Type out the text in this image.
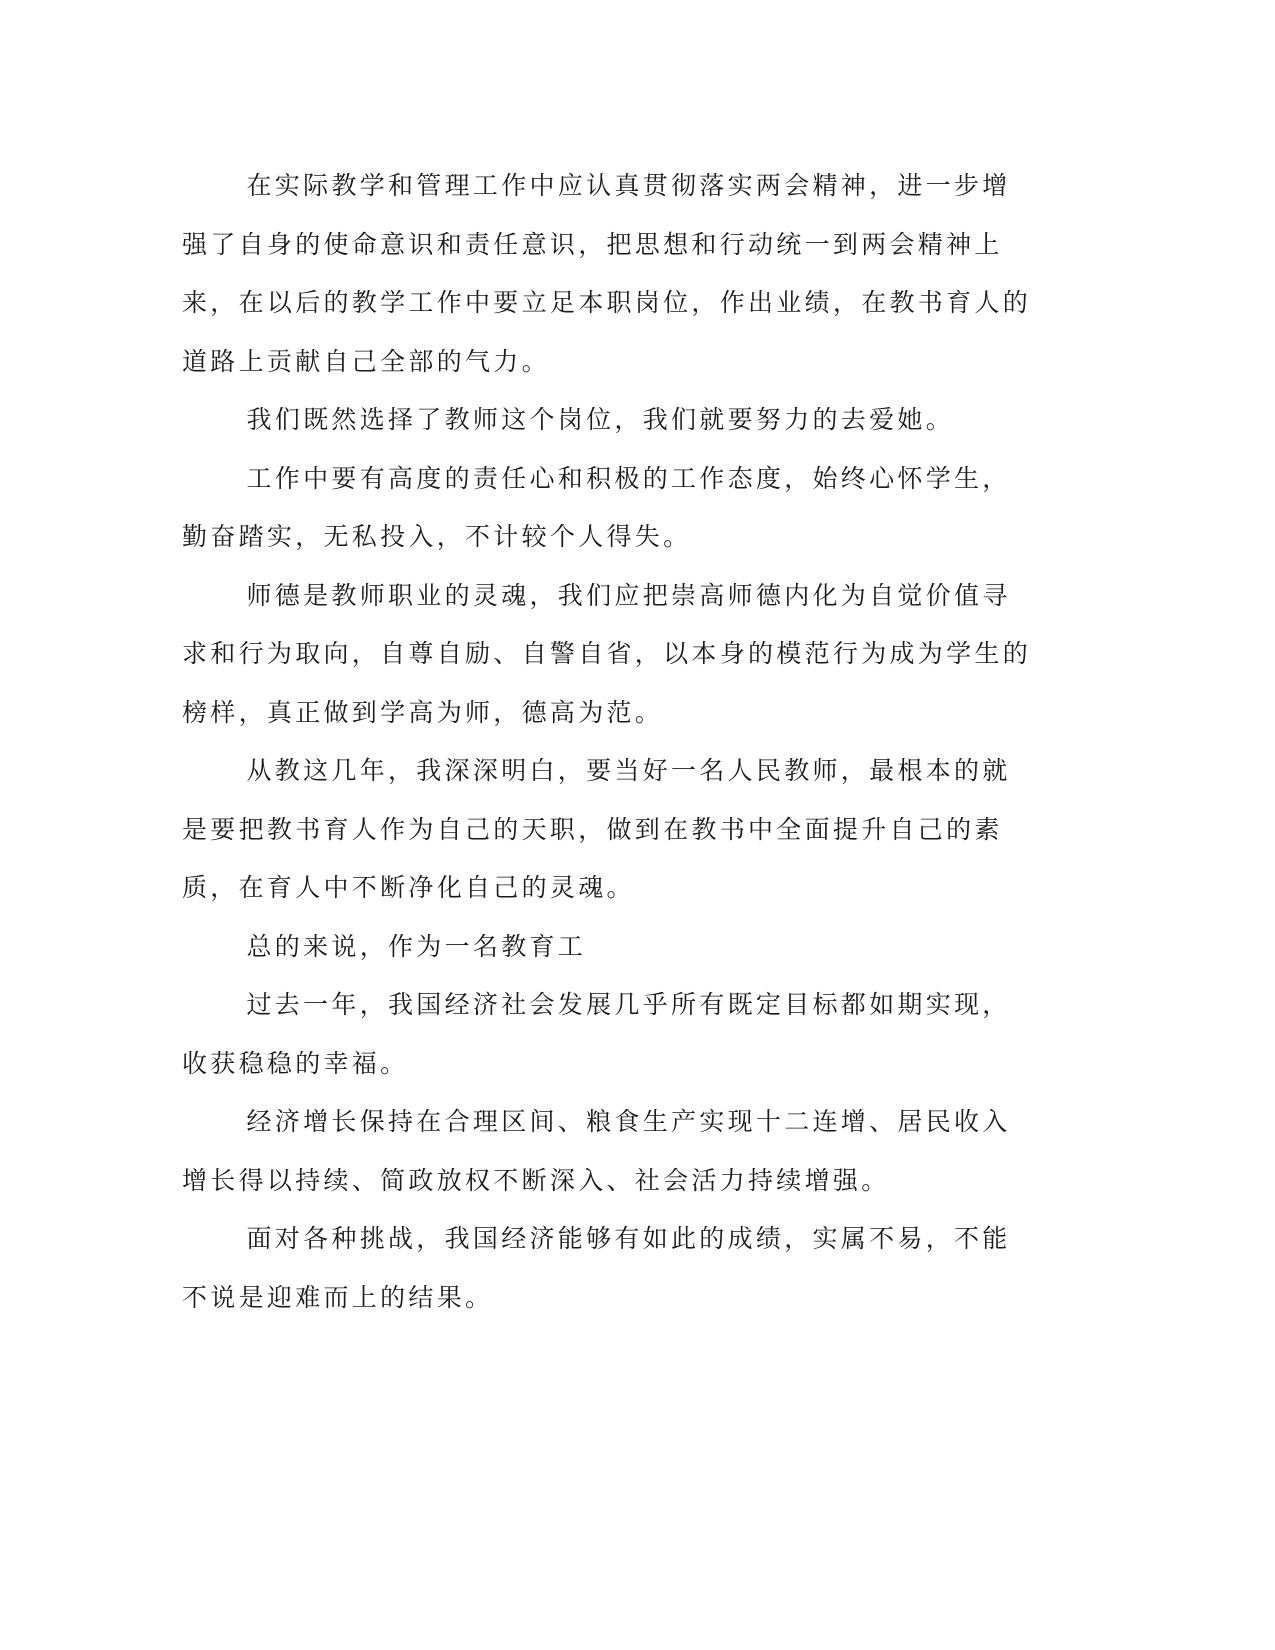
在实际教学和管理工作中应认真贯彻落实两会精神，进一步增强了自身的使命意识和责任意识，把思想和行动统一到两会精神上来，在以后的教学工作中要立足本职岗位，作出业绩，在教书育人的道路上贡献自己全部的气力。

我们既然选择了教师这个岗位，我们就要努力的去爱她。

工作中要有高度的责任心和积极的工作态度，始终心怀学生，勤奋踏实，无私投入，不计较个人得失。

师德是教师职业的灵魂，我们应把崇高师德内化为自觉价值寻求和行为取向，自尊自励、自警自省，以本身的模范行为成为学生的榜样，真正做到学高为师，德高为范。

从教这几年，我深深明白，要当好一名人民教师，最根本的就是要把教书育人作为自己的天职，做到在教书中全面提升自己的素质，在育人中不断净化自己的灵魂。

总的来说，作为一名教育工

过去一年，我国经济社会发展几乎所有既定目标都如期实现，收获稳稳的幸福。

经济增长保持在合理区间、粮食生产实现十二连增、居民收入增长得以持续、简政放权不断深入、社会活力持续增强。

面对各种挑战，我国经济能够有如此的成绩，实属不易，不能不说是迎难而上的结果。
